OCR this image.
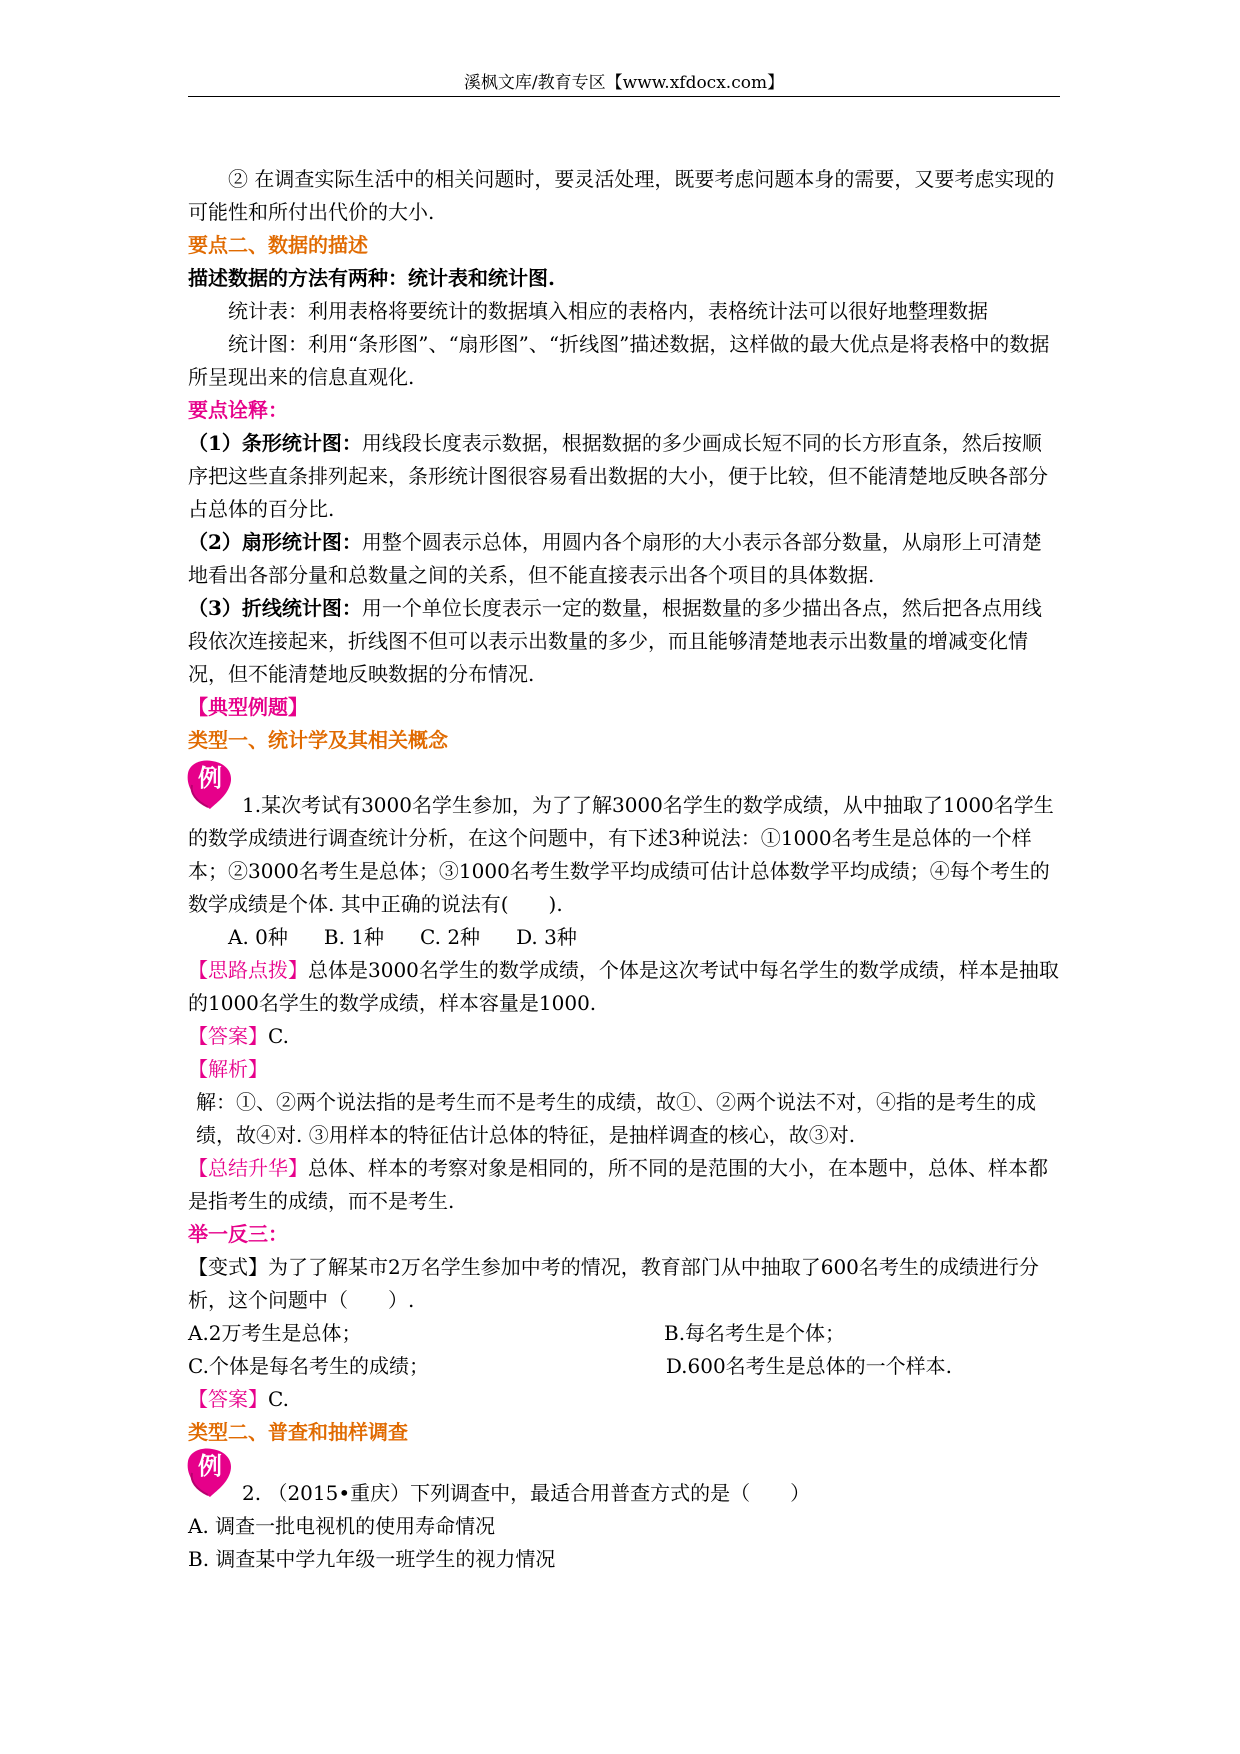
溪枫文库/教育专区【www.xfdocx.com】

② 在调查实际生活中的相关问题时，要灵活处理，既要考虑问题本身的需要，又要考虑实现的可能性和所付出代价的大小.

要点二、数据的描述

描述数据的方法有两种：统计表和统计图.

统计表：利用表格将要统计的数据填入相应的表格内，表格统计法可以很好地整理数据

统计图：利用“条形图”、“扇形图”、“折线图”描述数据，这样做的最大优点是将表格中的数据所呈现出来的信息直观化.

要点诠释：

（1）条形统计图：用线段长度表示数据，根据数据的多少画成长短不同的长方形直条，然后按顺序把这些直条排列起来，条形统计图很容易看出数据的大小，便于比较，但不能清楚地反映各部分占总体的百分比.

（2）扇形统计图：用整个圆表示总体，用圆内各个扇形的大小表示各部分数量，从扇形上可清楚地看出各部分量和总数量之间的关系，但不能直接表示出各个项目的具体数据.

（3）折线统计图：用一个单位长度表示一定的数量，根据数量的多少描出各点，然后把各点用线段依次连接起来，折线图不但可以表示出数量的多少，而且能够清楚地表示出数量的增减变化情况，但不能清楚地反映数据的分布情况.

【典型例题】

类型一、统计学及其相关概念

例

1.某次考试有3000名学生参加，为了了解3000名学生的数学成绩，从中抽取了1000名学生的数学成绩进行调查统计分析，在这个问题中，有下述3种说法：①1000名考生是总体的一个样本；②3000名考生是总体；③1000名考生数学平均成绩可估计总体数学平均成绩；④每个考生的数学成绩是个体. 其中正确的说法有(　　).

A. 0种 B. 1种 C. 2种 D. 3种

【思路点拨】总体是3000名学生的数学成绩，个体是这次考试中每名学生的数学成绩，样本是抽取的1000名学生的数学成绩，样本容量是1000.

【答案】C.

【解析】

解：①、②两个说法指的是考生而不是考生的成绩，故①、②两个说法不对，④指的是考生的成绩，故④对. ③用样本的特征估计总体的特征，是抽样调查的核心，故③对.

【总结升华】总体、样本的考察对象是相同的，所不同的是范围的大小，在本题中，总体、样本都是指考生的成绩，而不是考生.

举一反三：

【变式】为了了解某市2万名学生参加中考的情况，教育部门从中抽取了600名考生的成绩进行分析，这个问题中（　　）.

A.2万考生是总体；	B.每名考生是个体；
C.个体是每名考生的成绩；	D.600名考生是总体的一个样本.

【答案】C.

类型二、普查和抽样调查

例

2. （2015•重庆）下列调查中，最适合用普查方式的是（　　）

A. 调查一批电视机的使用寿命情况

B. 调查某中学九年级一班学生的视力情况
